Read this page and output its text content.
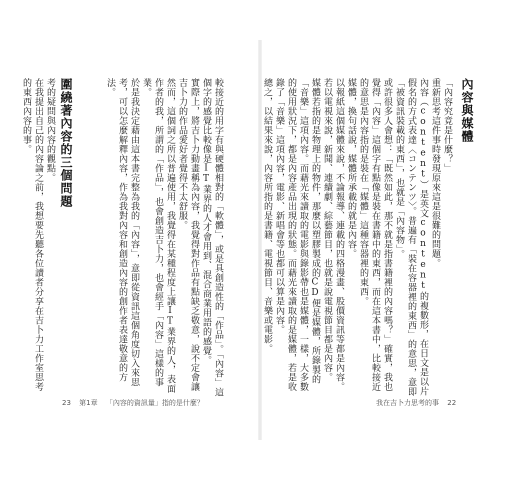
較接近的用字有與硬體相對的「軟體」，或是具創造性的「作品」。「內容」這個字的感覺比較像是IT業界的人才會用到、混合商業用語的感覺。
實際上，將吉卜力動畫稱為內容，我覺得對作品有點缺乏敬意，說不定會讓吉卜力的作品愛好者覺得不太舒服。
然而，這個詞之所以普遍使用，我覺得在某種程度上讓IT業界的人，表面作者的我，所謂的「作品」，也會創造吉卜力，也會經手「內容」這樣的事業。
於是我決定藉由這本書完整為我的「內容」，意即從資訊這個角度切入來思考，可以怎麼解釋內容，作為我對內容和創造內容的創作者表達敬意的方法。
圍繞著內容的三個問題
考的疑問與內容的觀點。
在我提出自己的內容論之前，我想要先聽各位讀者分享在吉卜力工作室思考的東西內容的事。	內容與媒體
「內容究竟是什麼？」
重新思考這件事時發現原來這是很難的問題。
內容（content）是英文content的複數形，在日文是以片假名的方式表達〈コンテンツ〉。普遍有「裝在容器裡的東西」的意思，意即「被資訊裝載的東西」，也就是「內容物」。
或許很多人會想：「既然如此，那不就是指書籍裡的內容嗎？」確實，我也覺得「內容」這個字有點像是裝在書籍中的東西，而在這本書中，比較接近的意思是內容指的是裝在「媒體」這種容器裡的東西。
媒體，換句話說，媒體所承載的就是內容。
以報紙這個媒體來說，不論報導、連載的四格漫畫、股價資訊等都是內容。若以電視來說，新聞、連續劇、綜藝節目，也就是說電視節目都是內容。
媒體若指的是物理上的物件，那麼以塑膠製成的CD便是媒體，所錄製的「音樂」這項內容。而藉光來讀取的電影與錄影帶也是媒體，一樣，大多數的使用狀況下，都是內容產品出現的狀態。而藉光來讀取的是媒體，若是收錄了「音樂」這項內容，電影、新唱會等也都可以算是內容。
總之，以結果來說，內容所指的是書籍、電視節目、音樂或電影。
23 第1章 「內容的資訊量」指的是什麼？	我在吉卜力思考的事 22
